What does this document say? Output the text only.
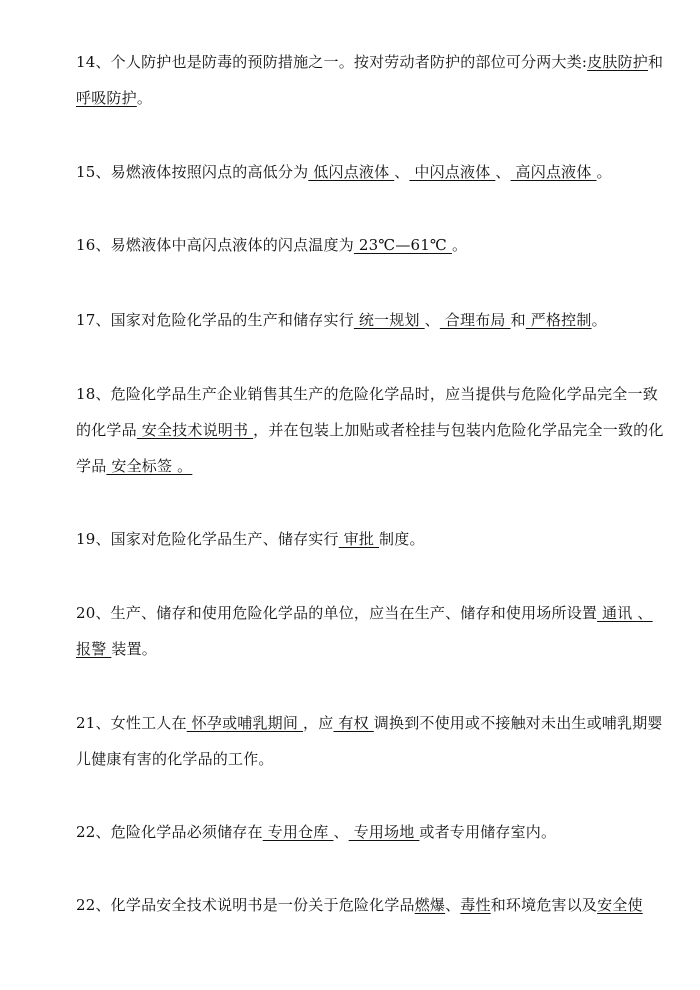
14、个人防护也是防毒的预防措施之一。按对劳动者防护的部位可分两大类:皮肤防护和呼吸防护。
15、易燃液体按照闪点的高低分为 低闪点液体 、 中闪点液体 、 高闪点液体 。
16、易燃液体中高闪点液体的闪点温度为 23℃—61℃ 。
17、国家对危险化学品的生产和储存实行 统一规划 、 合理布局 和 严格控制。
18、危险化学品生产企业销售其生产的危险化学品时，应当提供与危险化学品完全一致的化学品 安全技术说明书 ，并在包装上加贴或者栓挂与包装内危险化学品完全一致的化学品 安全标签 。
19、国家对危险化学品生产、储存实行 审批 制度。
20、生产、储存和使用危险化学品的单位，应当在生产、储存和使用场所设置 通讯 、报警 装置。
21、女性工人在 怀孕或哺乳期间 ，应 有权 调换到不使用或不接触对未出生或哺乳期婴儿健康有害的化学品的工作。
22、危险化学品必须储存在 专用仓库 、 专用场地 或者专用储存室内。
22、化学品安全技术说明书是一份关于危险化学品燃爆、毒性和环境危害以及安全使
